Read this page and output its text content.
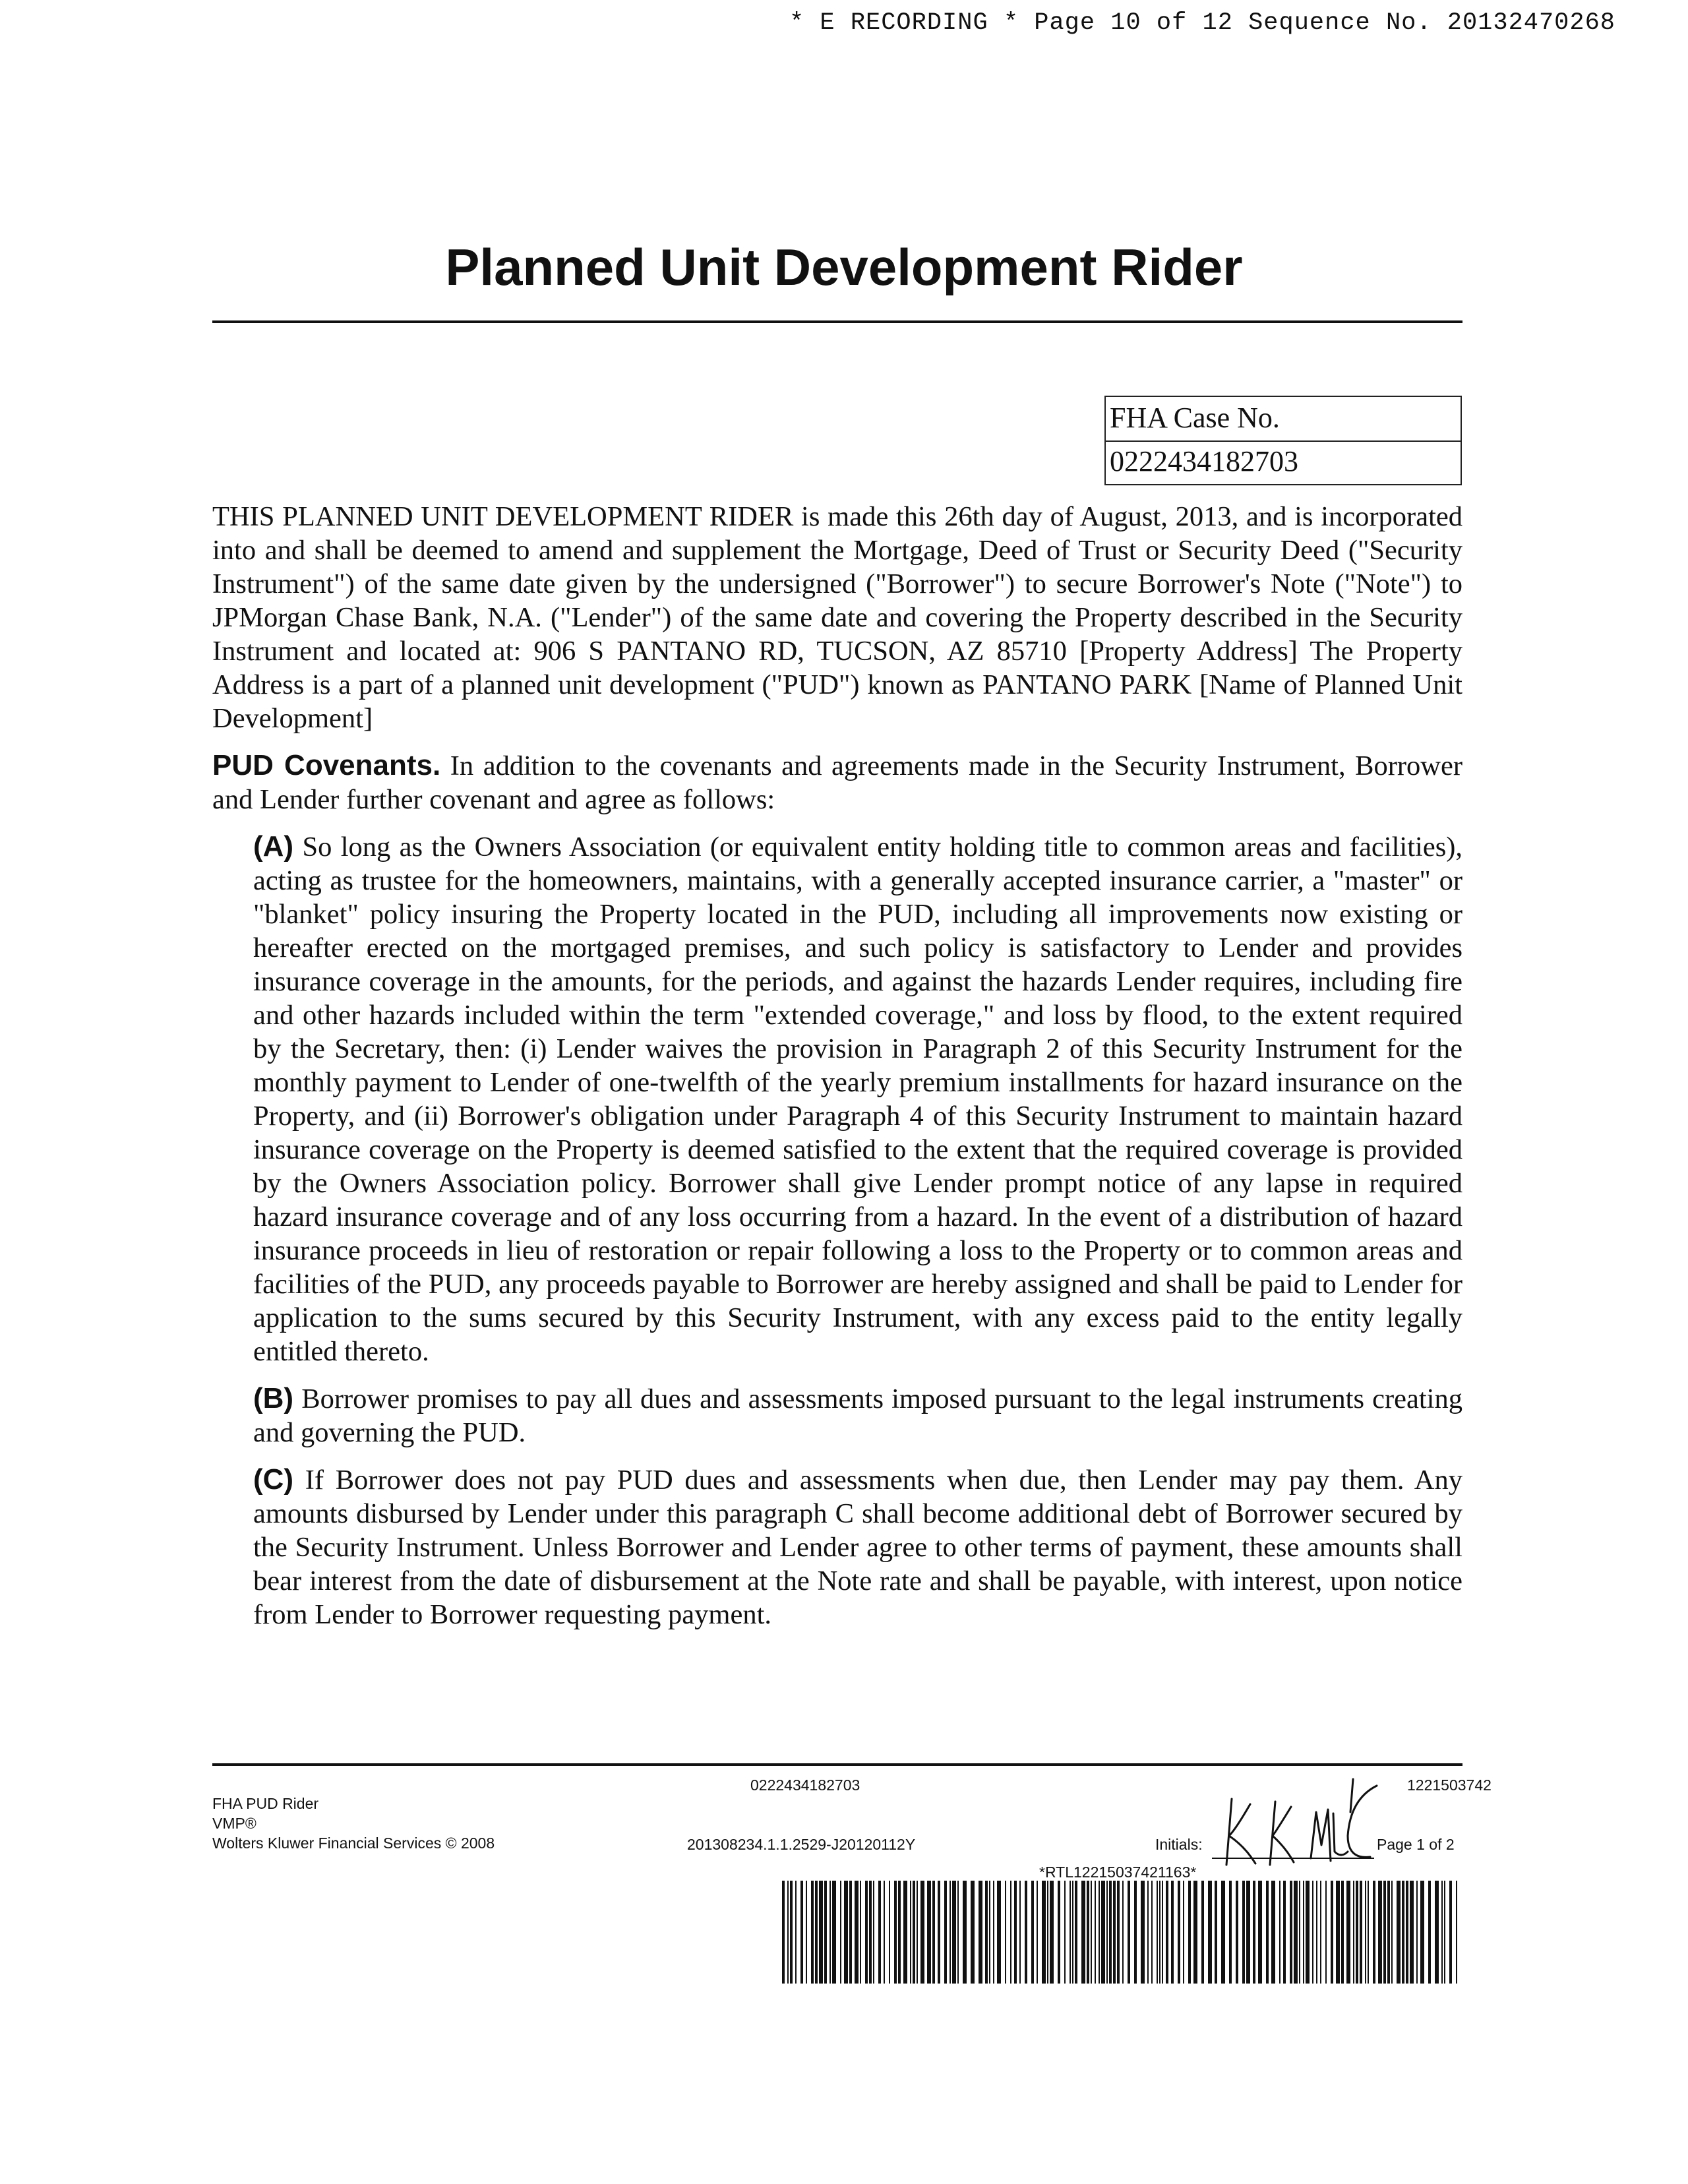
* E RECORDING * Page 10 of 12 Sequence No. 20132470268
Planned Unit Development Rider
FHA Case No.
0222434182703

THIS PLANNED UNIT DEVELOPMENT RIDER is made this 26th day of August, 2013, and is incorporated into and shall be deemed to amend and supplement the Mortgage, Deed of Trust or Security Deed ("Security Instrument") of the same date given by the undersigned ("Borrower") to secure Borrower's Note ("Note") to JPMorgan Chase Bank, N.A. ("Lender") of the same date and covering the Property described in the Security Instrument and located at: 906 S PANTANO RD, TUCSON, AZ 85710 [Property Address] The Property Address is a part of a planned unit development ("PUD") known as PANTANO PARK [Name of Planned Unit Development]

PUD Covenants. In addition to the covenants and agreements made in the Security Instrument, Borrower and Lender further covenant and agree as follows:

(A) So long as the Owners Association (or equivalent entity holding title to common areas and facilities), acting as trustee for the homeowners, maintains, with a generally accepted insurance carrier, a "master" or "blanket" policy insuring the Property located in the PUD, including all improvements now existing or hereafter erected on the mortgaged premises, and such policy is satisfactory to Lender and provides insurance coverage in the amounts, for the periods, and against the hazards Lender requires, including fire and other hazards included within the term "extended coverage," and loss by flood, to the extent required by the Secretary, then: (i) Lender waives the provision in Paragraph 2 of this Security Instrument for the monthly payment to Lender of one-twelfth of the yearly premium installments for hazard insurance on the Property, and (ii) Borrower's obligation under Paragraph 4 of this Security Instrument to maintain hazard insurance coverage on the Property is deemed satisfied to the extent that the required coverage is provided by the Owners Association policy. Borrower shall give Lender prompt notice of any lapse in required hazard insurance coverage and of any loss occurring from a hazard. In the event of a distribution of hazard insurance proceeds in lieu of restoration or repair following a loss to the Property or to common areas and facilities of the PUD, any proceeds payable to Borrower are hereby assigned and shall be paid to Lender for application to the sums secured by this Security Instrument, with any excess paid to the entity legally entitled thereto.

(B) Borrower promises to pay all dues and assessments imposed pursuant to the legal instruments creating and governing the PUD.

(C) If Borrower does not pay PUD dues and assessments when due, then Lender may pay them. Any amounts disbursed by Lender under this paragraph C shall become additional debt of Borrower secured by the Security Instrument. Unless Borrower and Lender agree to other terms of payment, these amounts shall bear interest from the date of disbursement at the Note rate and shall be payable, with interest, upon notice from Lender to Borrower requesting payment.

FHA PUD Rider
VMP®
Wolters Kluwer Financial Services © 2008
0222434182703
201308234.1.1.2529-J20120112Y	Initials:
1221503742
Page 1 of 2
*RTL12215037421163*
